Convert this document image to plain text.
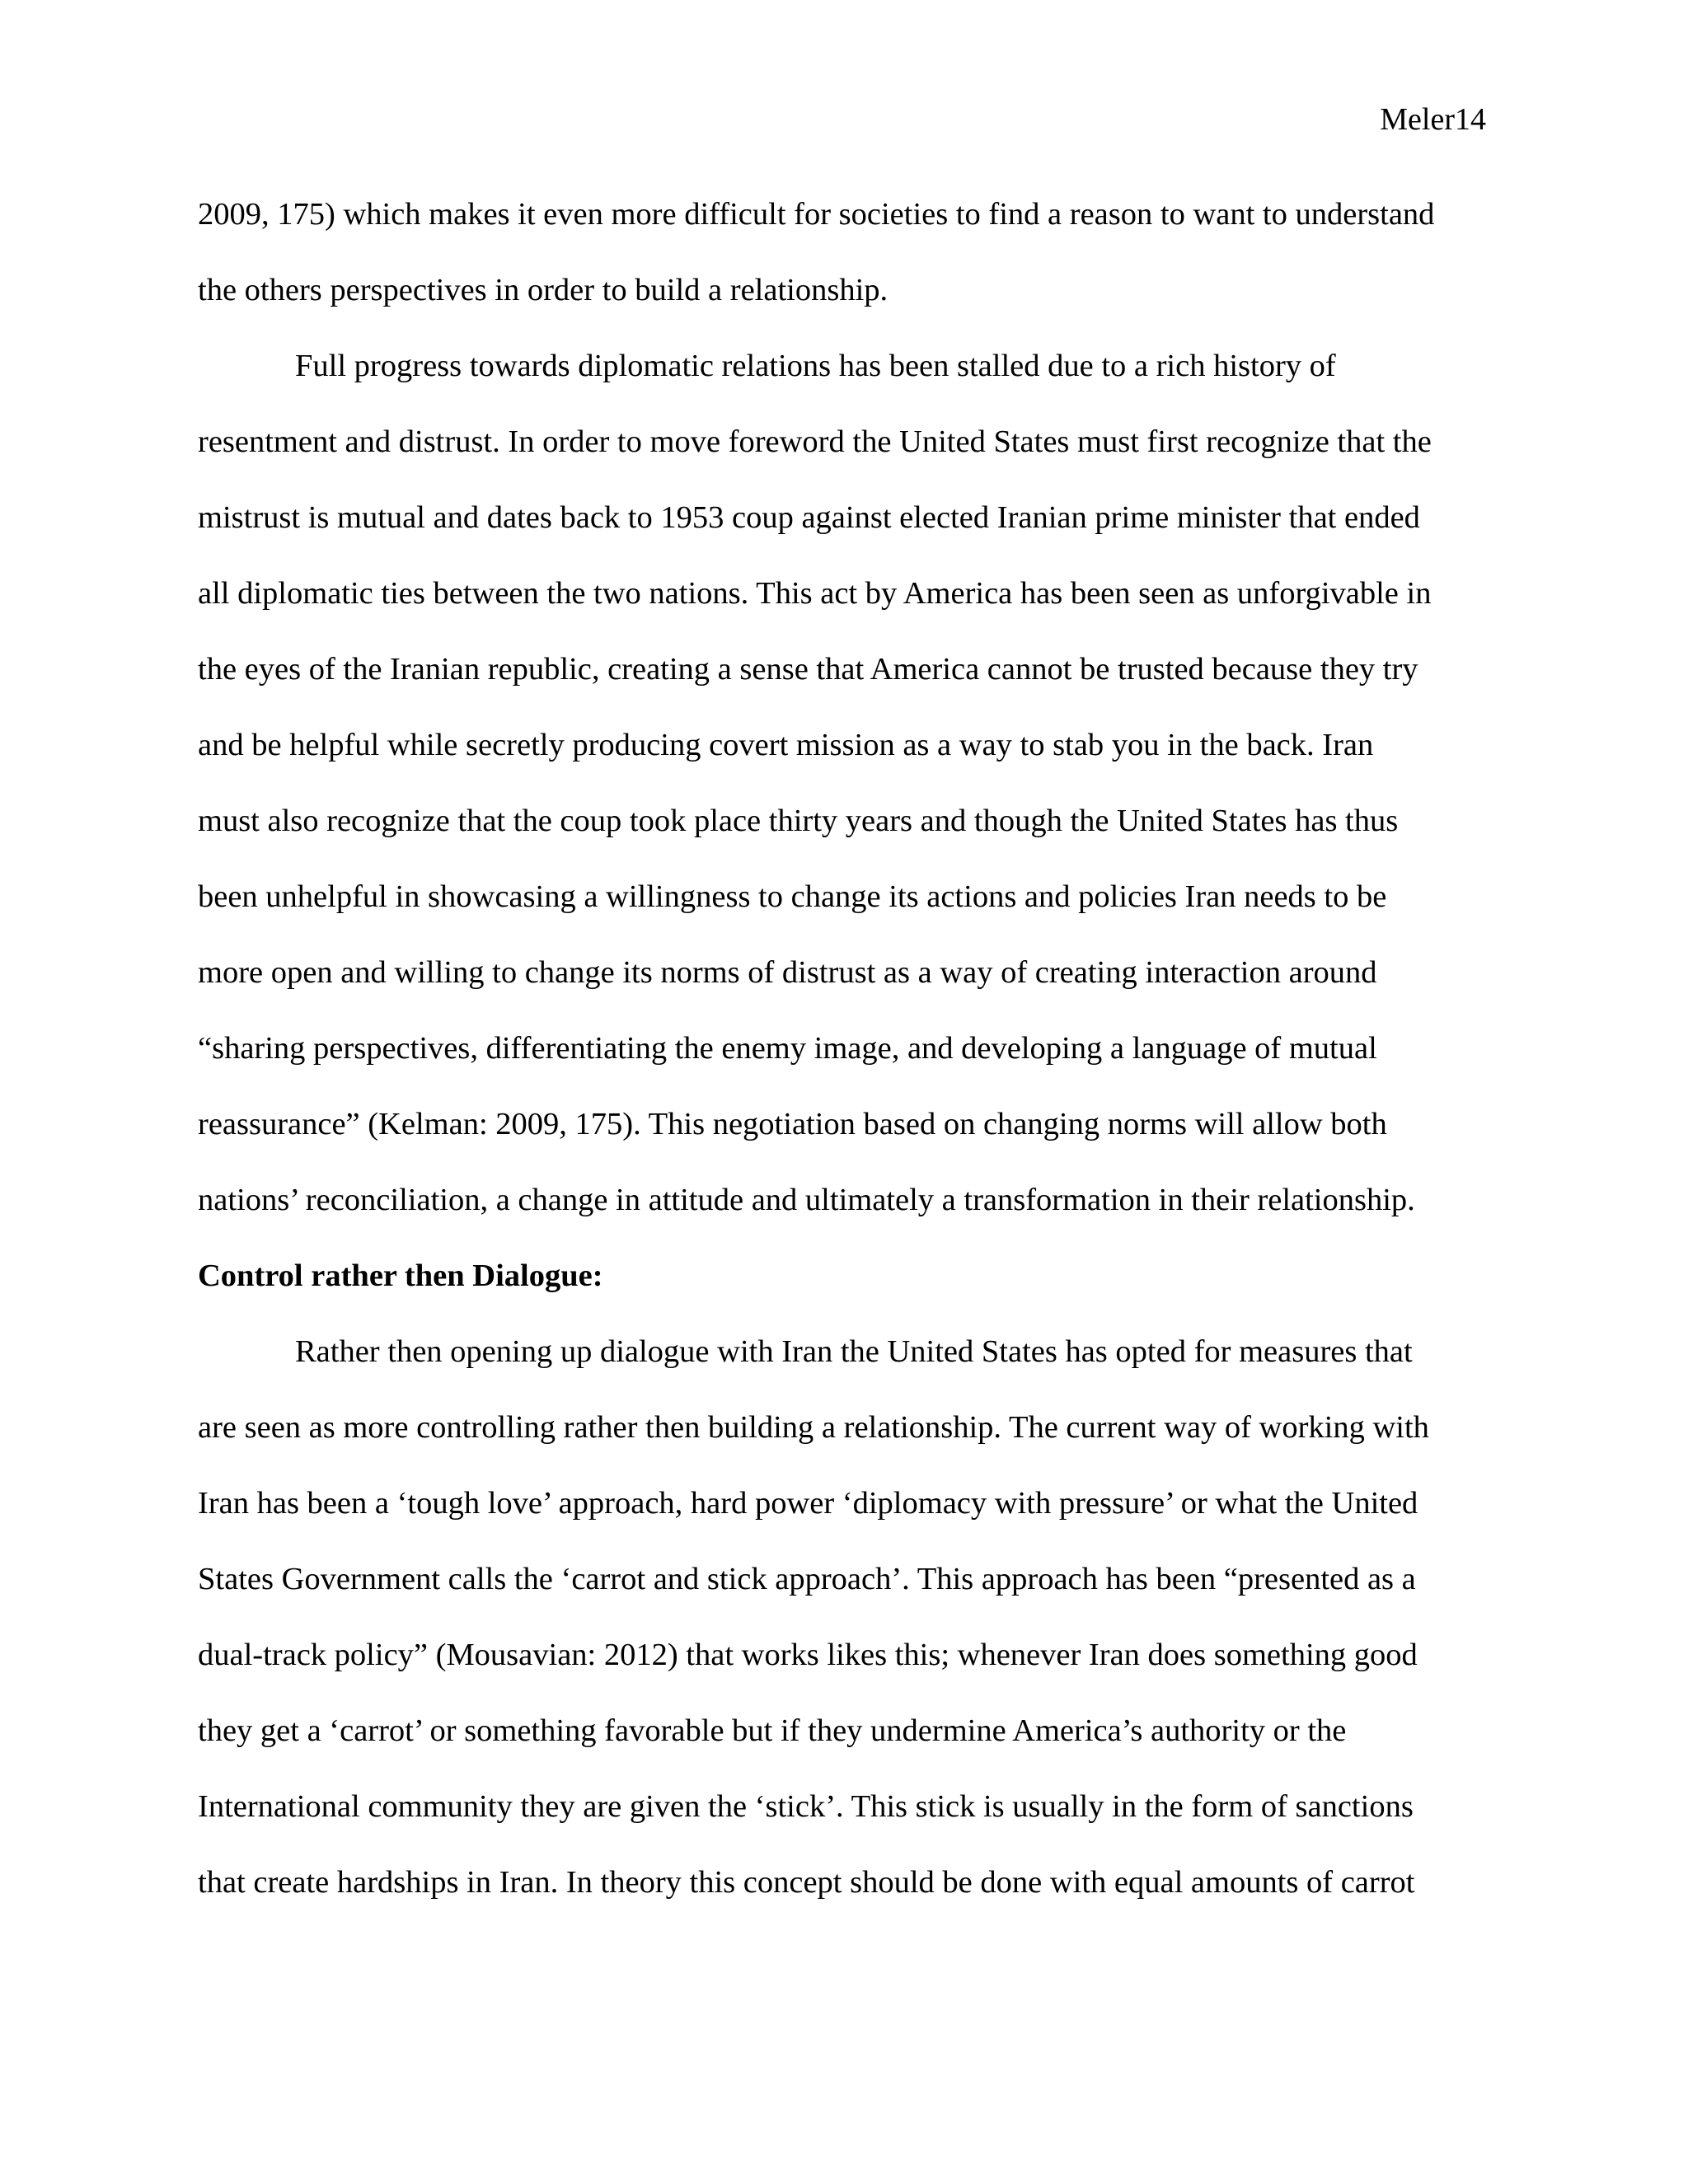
Meler14
2009, 175) which makes it even more difficult for societies to find a reason to want to understand
the others perspectives in order to build a relationship.
Full progress towards diplomatic relations has been stalled due to a rich history of
resentment and distrust. In order to move foreword the United States must first recognize that the
mistrust is mutual and dates back to 1953 coup against elected Iranian prime minister that ended
all diplomatic ties between the two nations. This act by America has been seen as unforgivable in
the eyes of the Iranian republic, creating a sense that America cannot be trusted because they try
and be helpful while secretly producing covert mission as a way to stab you in the back. Iran
must also recognize that the coup took place thirty years and though the United States has thus
been unhelpful in showcasing a willingness to change its actions and policies Iran needs to be
more open and willing to change its norms of distrust as a way of creating interaction around
“sharing perspectives, differentiating the enemy image, and developing a language of mutual
reassurance” (Kelman: 2009, 175). This negotiation based on changing norms will allow both
nations’ reconciliation, a change in attitude and ultimately a transformation in their relationship.
Control rather then Dialogue:
Rather then opening up dialogue with Iran the United States has opted for measures that
are seen as more controlling rather then building a relationship. The current way of working with
Iran has been a ‘tough love’ approach, hard power ‘diplomacy with pressure’ or what the United
States Government calls the ‘carrot and stick approach’. This approach has been “presented as a
dual-track policy” (Mousavian: 2012) that works likes this; whenever Iran does something good
they get a ‘carrot’ or something favorable but if they undermine America’s authority or the
International community they are given the ‘stick’. This stick is usually in the form of sanctions
that create hardships in Iran. In theory this concept should be done with equal amounts of carrot
